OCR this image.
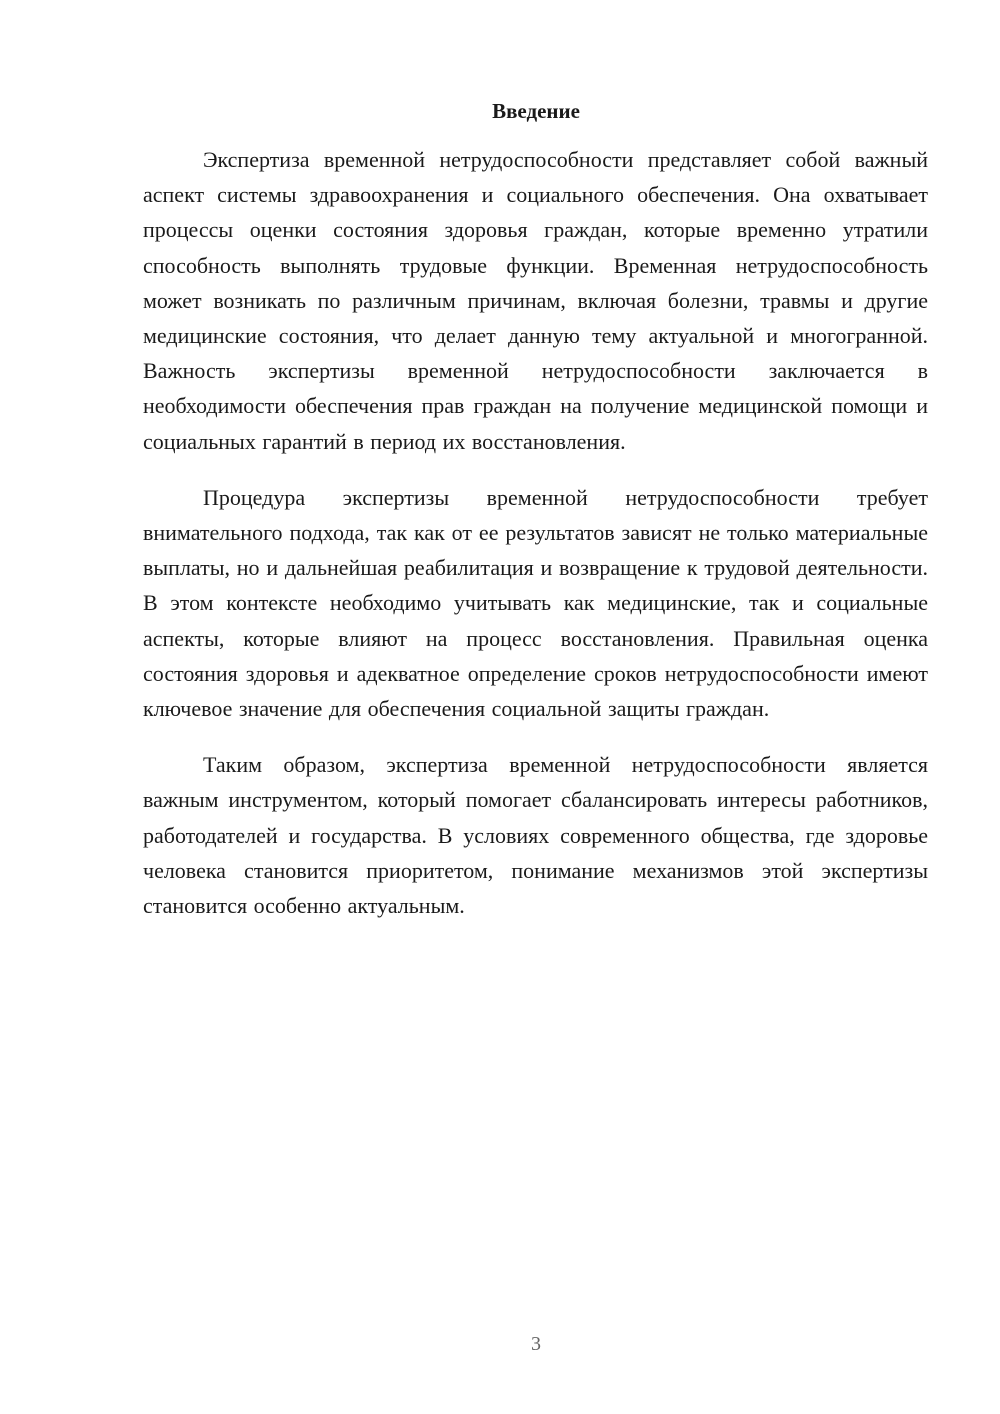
Введение

Экспертиза временной нетрудоспособности представляет собой важный аспект системы здравоохранения и социального обеспечения. Она охватывает процессы оценки состояния здоровья граждан, которые временно утратили способность выполнять трудовые функции. Временная нетрудоспособность может возникать по различным причинам, включая болезни, травмы и другие медицинские состояния, что делает данную тему актуальной и многогранной. Важность экспертизы временной нетрудоспособности заключается в необходимости обеспечения прав граждан на получение медицинской помощи и социальных гарантий в период их восстановления.

Процедура экспертизы временной нетрудоспособности требует внимательного подхода, так как от ее результатов зависят не только материальные выплаты, но и дальнейшая реабилитация и возвращение к трудовой деятельности. В этом контексте необходимо учитывать как медицинские, так и социальные аспекты, которые влияют на процесс восстановления. Правильная оценка состояния здоровья и адекватное определение сроков нетрудоспособности имеют ключевое значение для обеспечения социальной защиты граждан.

Таким образом, экспертиза временной нетрудоспособности является важным инструментом, который помогает сбалансировать интересы работников, работодателей и государства. В условиях современного общества, где здоровье человека становится приоритетом, понимание механизмов этой экспертизы становится особенно актуальным.

3
